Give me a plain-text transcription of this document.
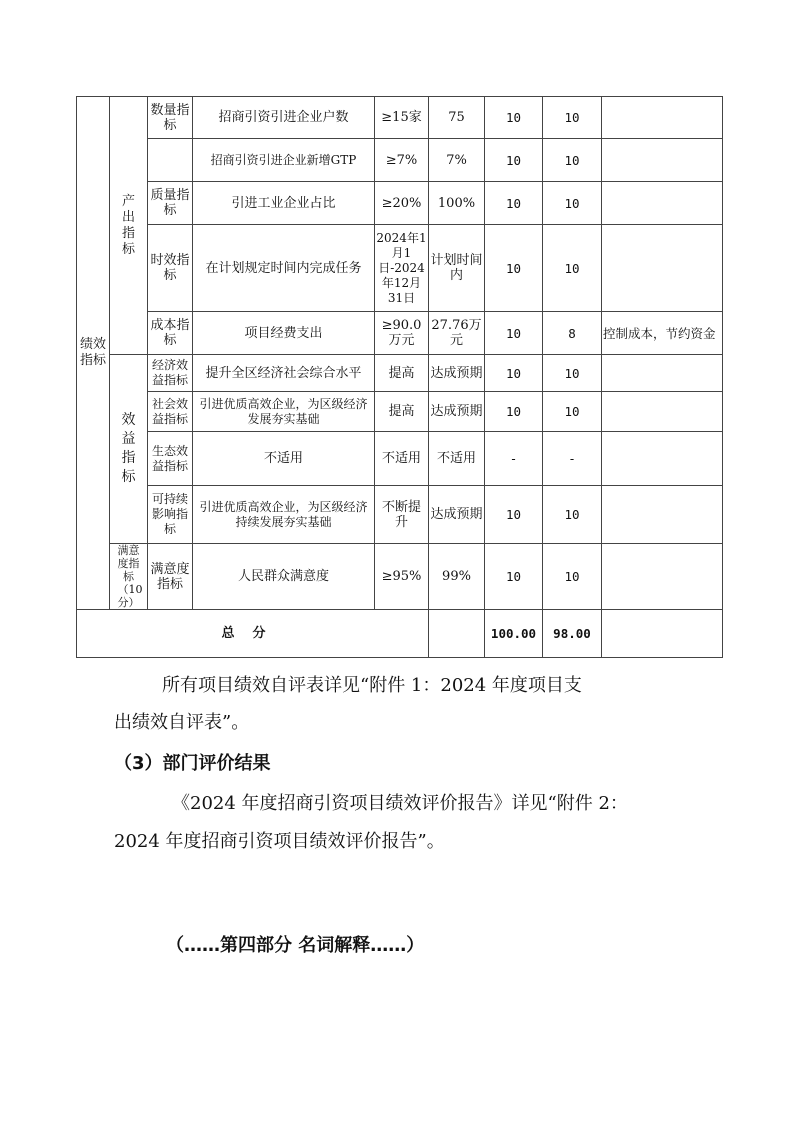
绩效指标	产出指标	数量指标	招商引资引进企业户数	≥15家	75	10	10	
			招商引资引进企业新增GTP	≥7%	7%	10	10	
		质量指标	引进工业企业占比	≥20%	100%	10	10	
		时效指标	在计划规定时间内完成任务	2024年1月1日-2024年12月31日	计划时间内	10	10	
		成本指标	项目经费支出	≥90.0万元	27.76万元	10	8	控制成本，节约资金

	效益指标	经济效益指标	提升全区经济社会综合水平	提高	达成预期	10	10	
		社会效益指标	引进优质高效企业，为区级经济发展夯实基础	提高	达成预期	10	10	
		生态效益指标	不适用	不适用	不适用	-	-	
		可持续影响指标	引进优质高效企业，为区级经济持续发展夯实基础	不断提升	达成预期	10	10	

	满意度指标（10分）	满意度指标	人民群众满意度	≥95%	99%	10	10	
总分						100.00	98.00	

所有项目绩效自评表详见“附件 1：2024 年度项目支

出绩效自评表”。

（3）部门评价结果

《2024 年度招商引资项目绩效评价报告》详见“附件 2：

2024 年度招商引资项目绩效评价报告”。

（……第四部分 名词解释……）
